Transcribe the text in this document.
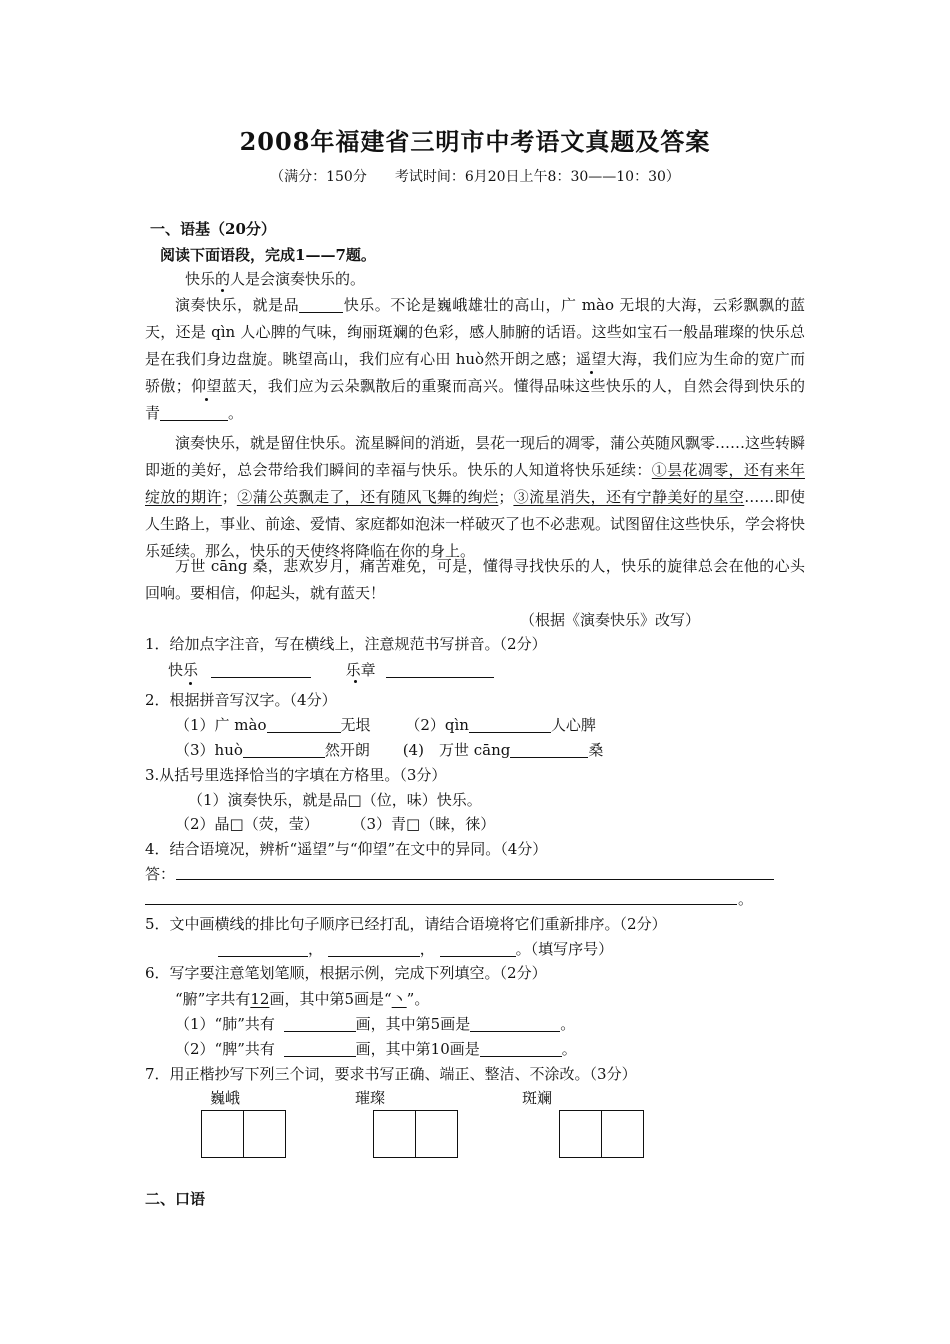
2008年福建省三明市中考语文真题及答案
（满分：150分　　考试时间：6月20日上午8：30——10：30）
一、语基（20分）
阅读下面语段，完成1——7题。
快乐的人是会演奏快乐的。
演奏快乐，就是品	快乐。不论是巍峨雄壮的高山，广 mào 无垠的大海，云彩飘飘的蓝天，还是 qìn 人心脾的气味，绚丽斑斓的色彩，感人肺腑的话语。这些如宝石一般晶璀璨的快乐总是在我们身边盘旋。眺望高山，我们应有心田 huò然开朗之感；遥望大海，我们应为生命的宽广而骄傲；仰望蓝天，我们应为云朵飘散后的重聚而高兴。懂得品味这些快乐的人，自然会得到快乐的青	。
演奏快乐，就是留住快乐。流星瞬间的消逝，昙花一现后的凋零，蒲公英随风飘零……这些转瞬即逝的美好，总会带给我们瞬间的幸福与快乐。快乐的人知道将快乐延续：①昙花凋零，还有来年绽放的期许；②蒲公英飘走了，还有随风飞舞的绚烂；③流星消失，还有宁静美好的星空……即使人生路上，事业、前途、爱情、家庭都如泡沫一样破灭了也不必悲观。试图留住这些快乐，学会将快乐延续。那么，快乐的天使终将降临在你的身上。
万世 cāng 桑，悲欢岁月，痛苦难免，可是，懂得寻找快乐的人，快乐的旋律总会在他的心头回响。要相信，仰起头，就有蓝天！
（根据《演奏快乐》改写）
1．给加点字注音，写在横线上，注意规范书写拼音。（2分）
快乐	乐章
2．根据拼音写汉字。（4分）
（1）广 mào	无垠 （2）qìn	人心脾
（3）huò	然开朗 (4)　万世 cāng	桑
3.从括号里选择恰当的字填在方格里。（3分）
（1）演奏快乐，就是品□（位，味）快乐。
（2）晶□（荧，莹） （3）青□（睐，徕）
4．结合语境况，辨析“遥望”与“仰望”在文中的异同。（4分）
答：
。
5．文中画横线的排比句子顺序已经打乱，请结合语境将它们重新排序。（2分）
，	，	。（填写序号）
6．写字要注意笔划笔顺，根据示例，完成下列填空。（2分）
“腑”字共有12画，其中第5画是“丶”。
（1）“肺”共有	画，其中第5画是	。
（2）“脾”共有	画，其中第10画是	。
7．用正楷抄写下列三个词，要求书写正确、端正、整洁、不涂改。（3分）
巍峨	璀璨	斑斓
二、口语
